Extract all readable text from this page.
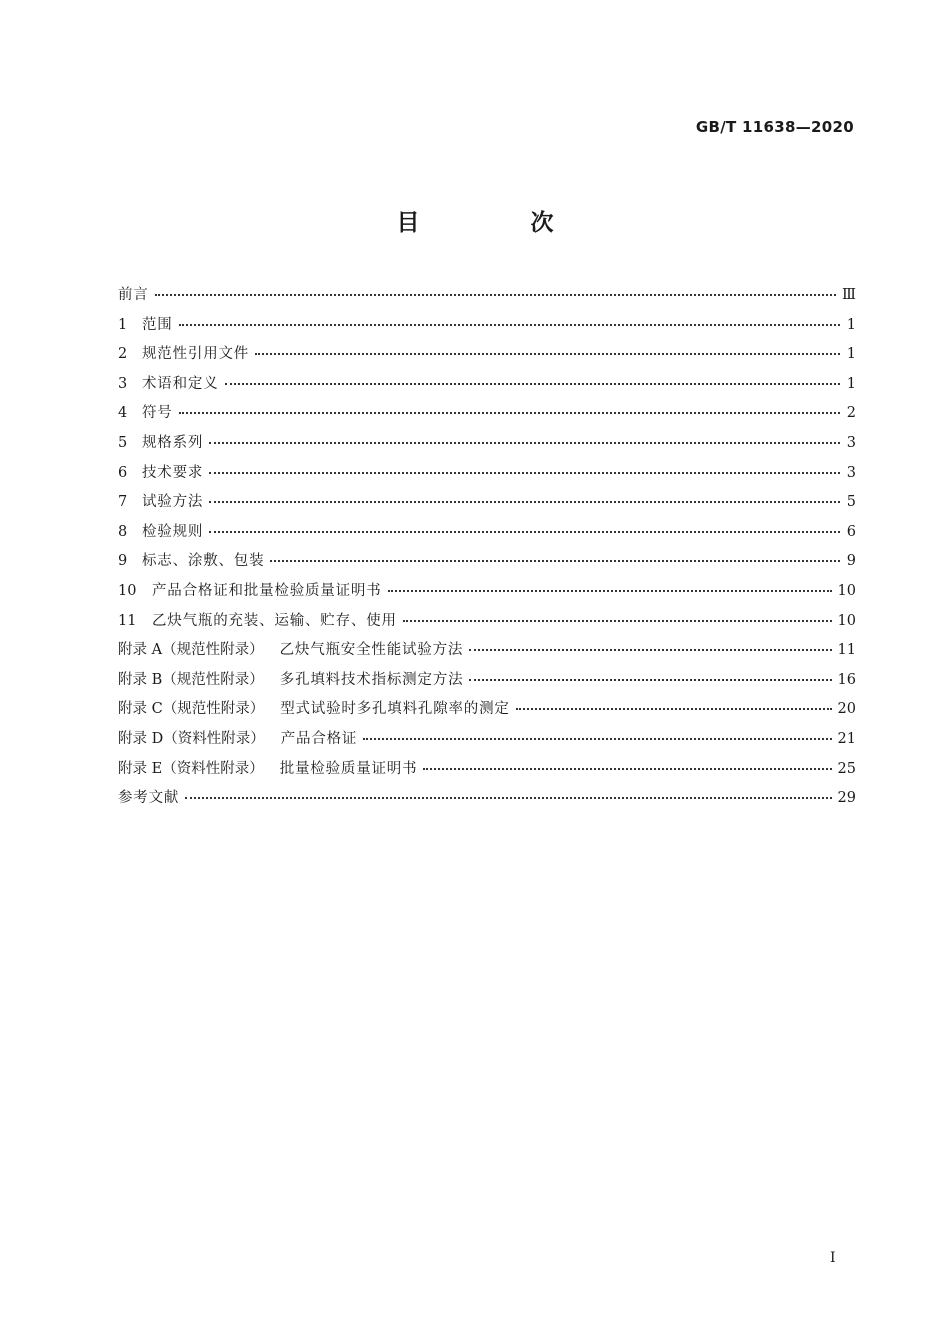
GB/T 11638—2020
目　次
前言	Ⅲ
1	范围	1
2	规范性引用文件	1
3	术语和定义	1
4	符号	2
5	规格系列	3
6	技术要求	3
7	试验方法	5
8	检验规则	6
9	标志、涂敷、包装	9
10	产品合格证和批量检验质量证明书	10
11	乙炔气瓶的充装、运输、贮存、使用	10
附录 A（规范性附录） 乙炔气瓶安全性能试验方法	11
附录 B（规范性附录） 多孔填料技术指标测定方法	16
附录 C（规范性附录） 型式试验时多孔填料孔隙率的测定	20
附录 D（资料性附录） 产品合格证	21
附录 E（资料性附录） 批量检验质量证明书	25
参考文献	29
I
